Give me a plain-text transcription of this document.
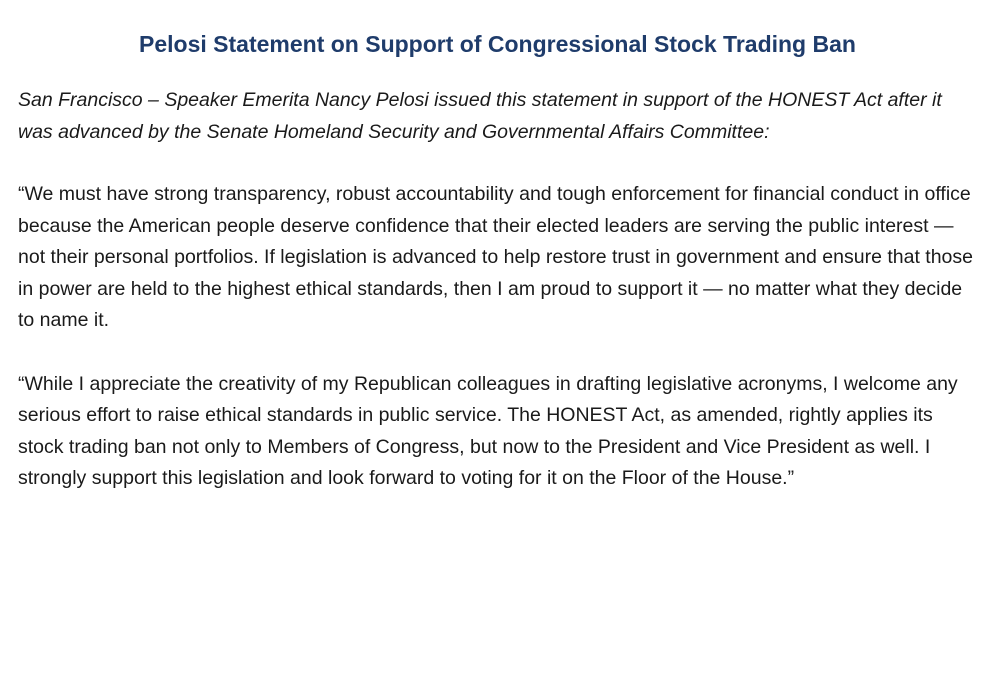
Pelosi Statement on Support of Congressional Stock Trading Ban

San Francisco – Speaker Emerita Nancy Pelosi issued this statement in support of the HONEST Act after it was advanced by the Senate Homeland Security and Governmental Affairs Committee:

“We must have strong transparency, robust accountability and tough enforcement for financial conduct in office because the American people deserve confidence that their elected leaders are serving the public interest — not their personal portfolios. If legislation is advanced to help restore trust in government and ensure that those in power are held to the highest ethical standards, then I am proud to support it — no matter what they decide to name it.

“While I appreciate the creativity of my Republican colleagues in drafting legislative acronyms, I welcome any serious effort to raise ethical standards in public service. The HONEST Act, as amended, rightly applies its stock trading ban not only to Members of Congress, but now to the President and Vice President as well. I strongly support this legislation and look forward to voting for it on the Floor of the House.”
